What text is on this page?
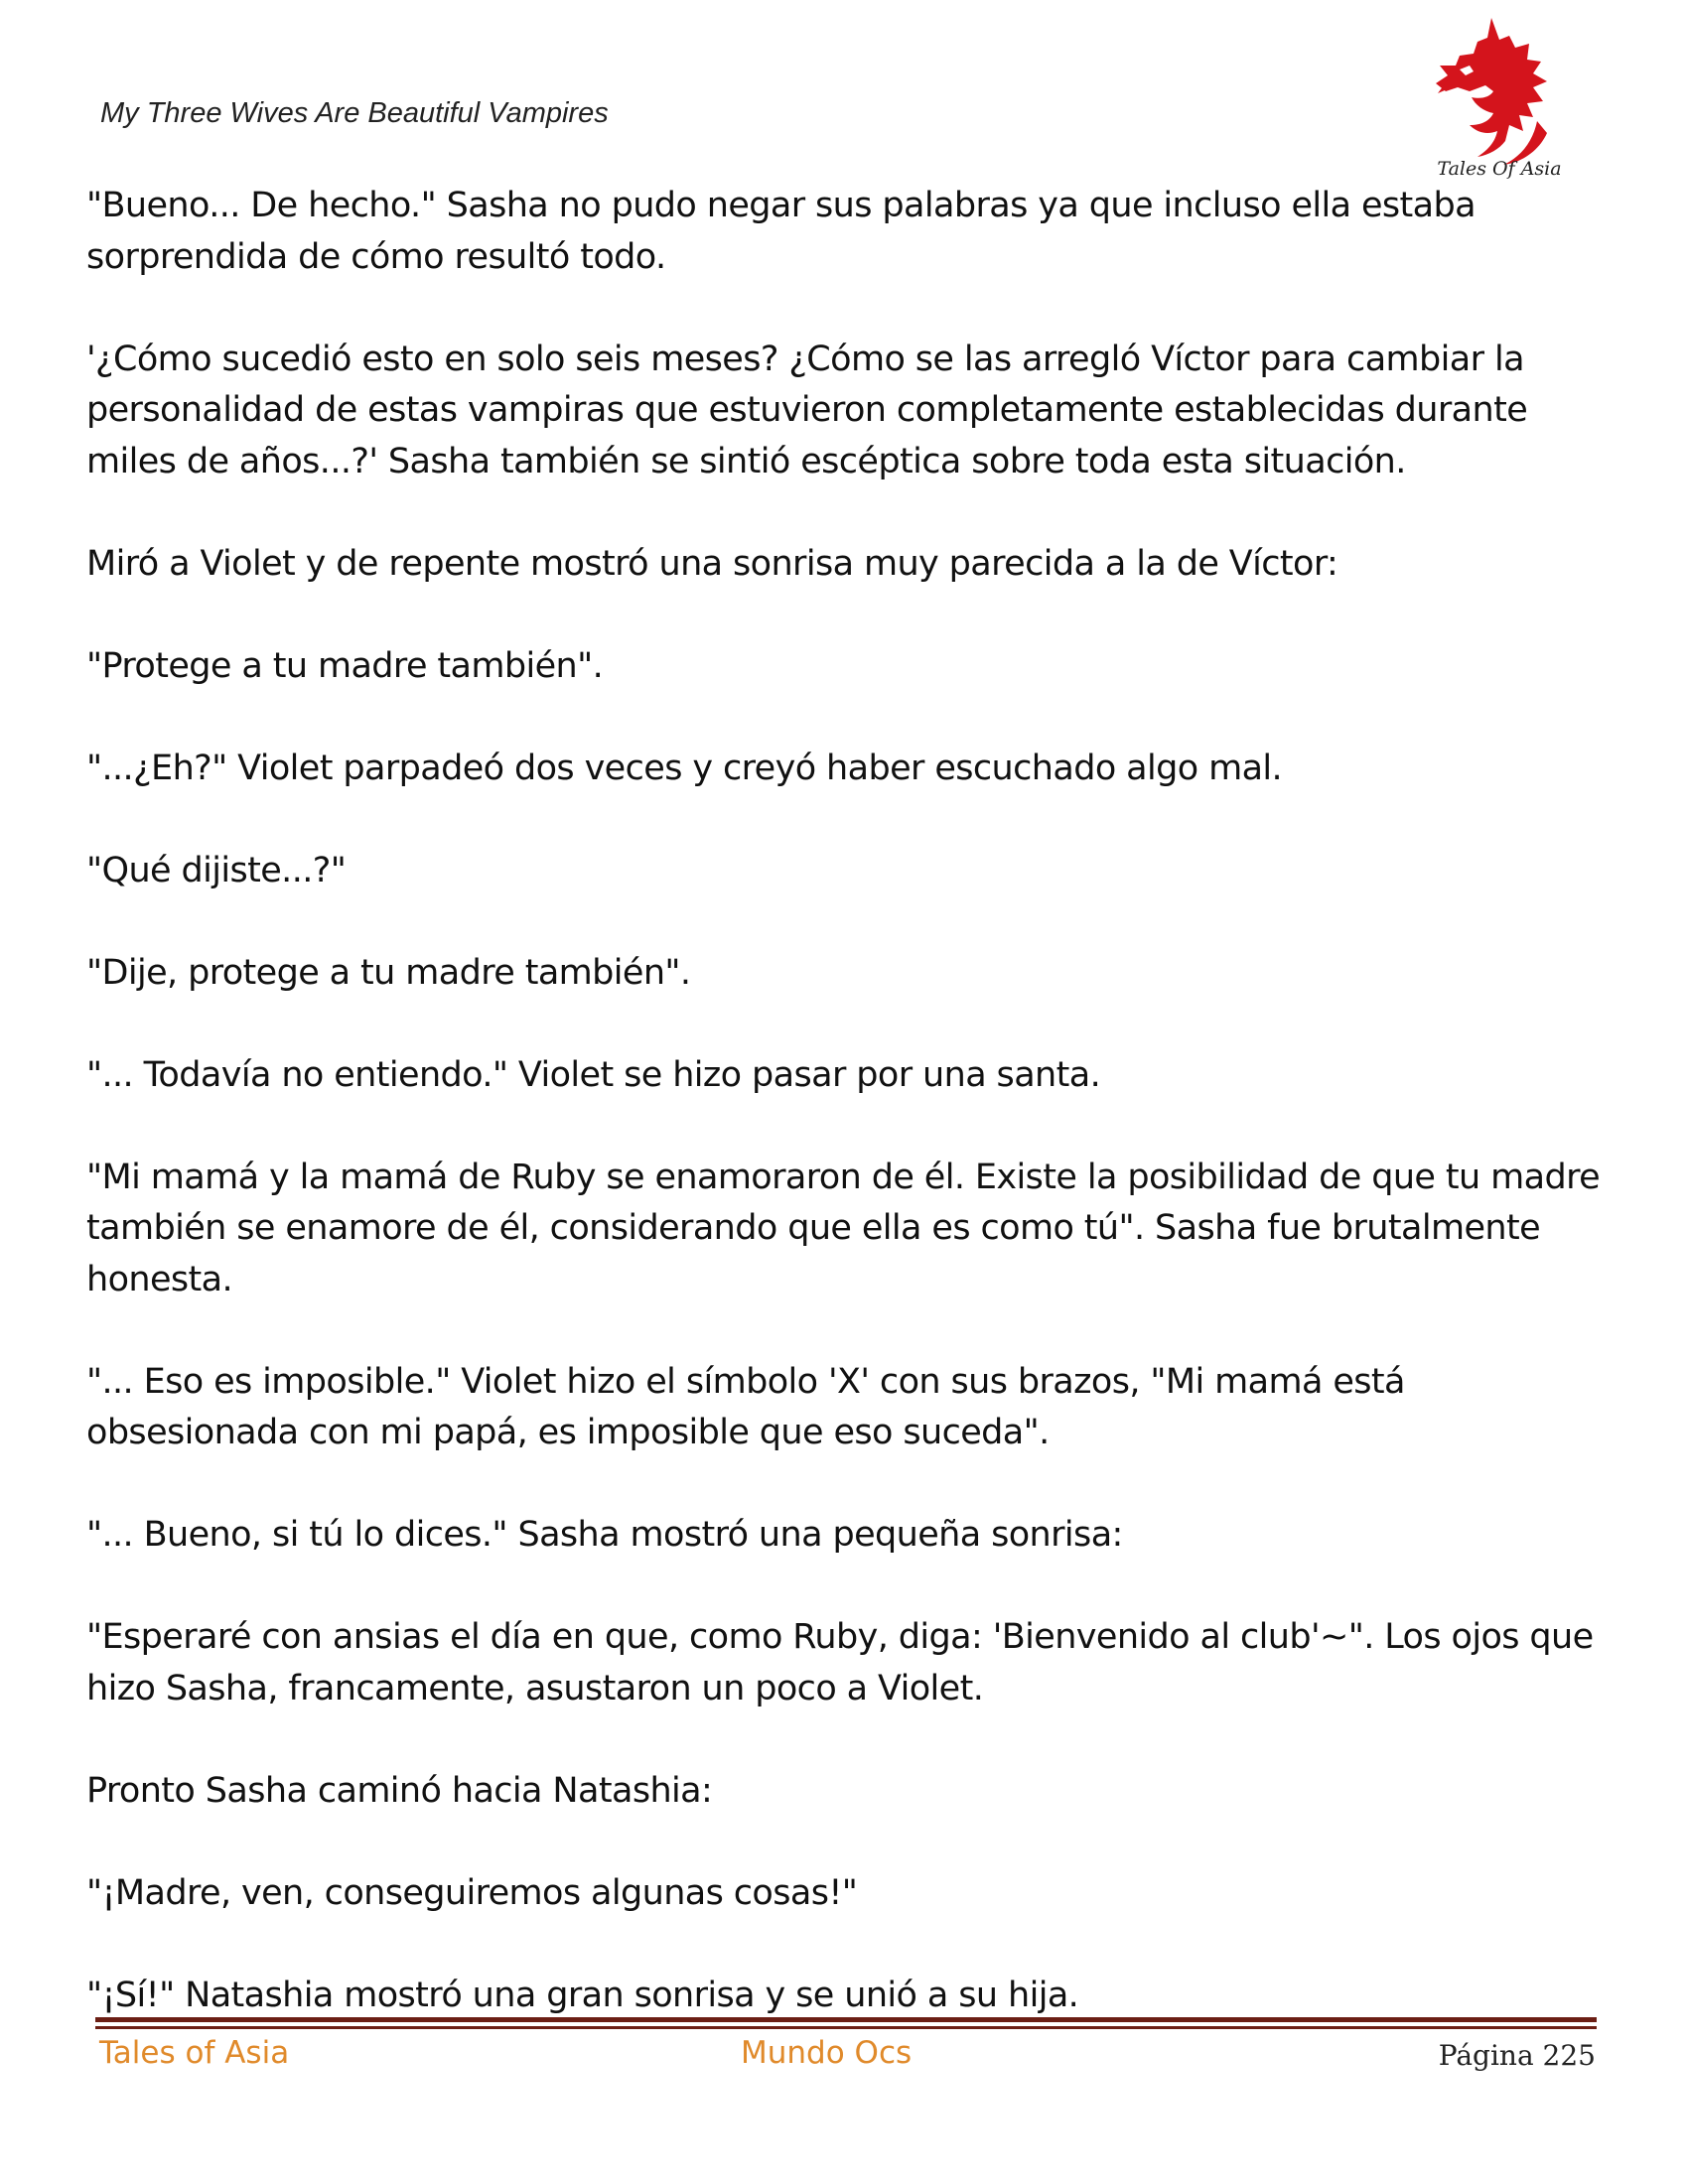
My Three Wives Are Beautiful Vampires
Tales Of Asia

"Bueno... De hecho." Sasha no pudo negar sus palabras ya que incluso ella estaba
sorprendida de cómo resultó todo.

'¿Cómo sucedió esto en solo seis meses? ¿Cómo se las arregló Víctor para cambiar la
personalidad de estas vampiras que estuvieron completamente establecidas durante
miles de años...?' Sasha también se sintió escéptica sobre toda esta situación.

Miró a Violet y de repente mostró una sonrisa muy parecida a la de Víctor:

"Protege a tu madre también".

"...¿Eh?" Violet parpadeó dos veces y creyó haber escuchado algo mal.

"Qué dijiste...?"

"Dije, protege a tu madre también".

"... Todavía no entiendo." Violet se hizo pasar por una santa.

"Mi mamá y la mamá de Ruby se enamoraron de él. Existe la posibilidad de que tu madre
también se enamore de él, considerando que ella es como tú". Sasha fue brutalmente
honesta.

"... Eso es imposible." Violet hizo el símbolo 'X' con sus brazos, "Mi mamá está
obsesionada con mi papá, es imposible que eso suceda".

"... Bueno, si tú lo dices." Sasha mostró una pequeña sonrisa:

"Esperaré con ansias el día en que, como Ruby, diga: 'Bienvenido al club'~". Los ojos que
hizo Sasha, francamente, asustaron un poco a Violet.

Pronto Sasha caminó hacia Natashia:

"¡Madre, ven, conseguiremos algunas cosas!"

"¡Sí!" Natashia mostró una gran sonrisa y se unió a su hija.

Tales of Asia	Mundo Ocs	Página 225
